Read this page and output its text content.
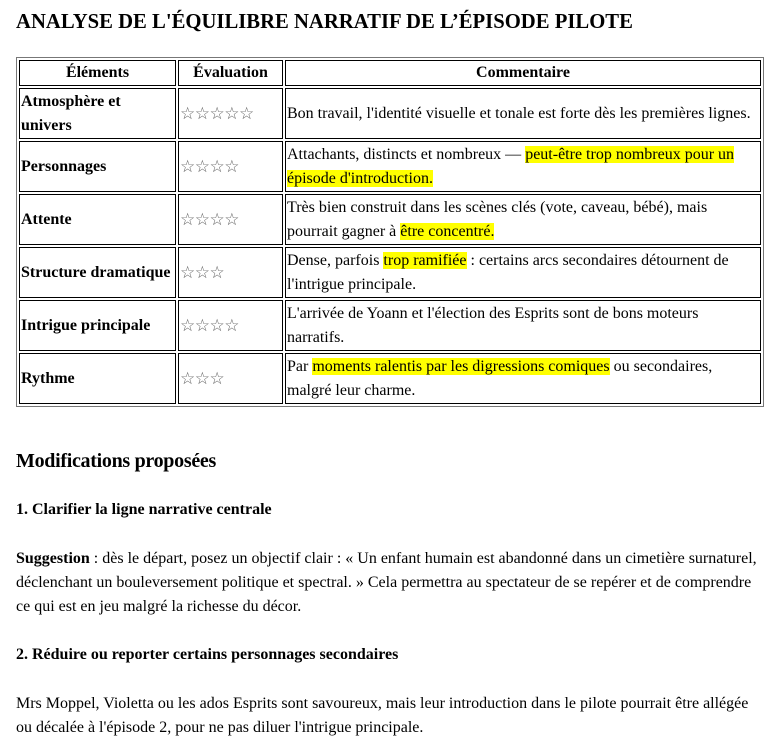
ANALYSE DE L'ÉQUILIBRE NARRATIF DE L’ÉPISODE PILOTE
Éléments	Évaluation	Commentaire
Atmosphère et univers	☆☆☆☆☆	Bon travail, l'identité visuelle et tonale est forte dès les premières lignes.
Personnages	☆☆☆☆	Attachants, distincts et nombreux — peut-être trop nombreux pour un épisode d'introduction.
Attente	☆☆☆☆	Très bien construit dans les scènes clés (vote, caveau, bébé), mais pourrait gagner à être concentré.
Structure dramatique	☆☆☆	Dense, parfois trop ramifiée : certains arcs secondaires détournent de l'intrigue principale.
Intrigue principale	☆☆☆☆	L'arrivée de Yoann et l'élection des Esprits sont de bons moteurs narratifs.
Rythme	☆☆☆	Par moments ralentis par les digressions comiques ou secondaires, malgré leur charme.
Modifications proposées
1. Clarifier la ligne narrative centrale

Suggestion : dès le départ, posez un objectif clair : « Un enfant humain est abandonné dans un cimetière surnaturel, déclenchant un bouleversement politique et spectral. » Cela permettra au spectateur de se repérer et de comprendre ce qui est en jeu malgré la richesse du décor.

2. Réduire ou reporter certains personnages secondaires

Mrs Moppel, Violetta ou les ados Esprits sont savoureux, mais leur introduction dans le pilote pourrait être allégée ou décalée à l'épisode 2, pour ne pas diluer l'intrigue principale.
